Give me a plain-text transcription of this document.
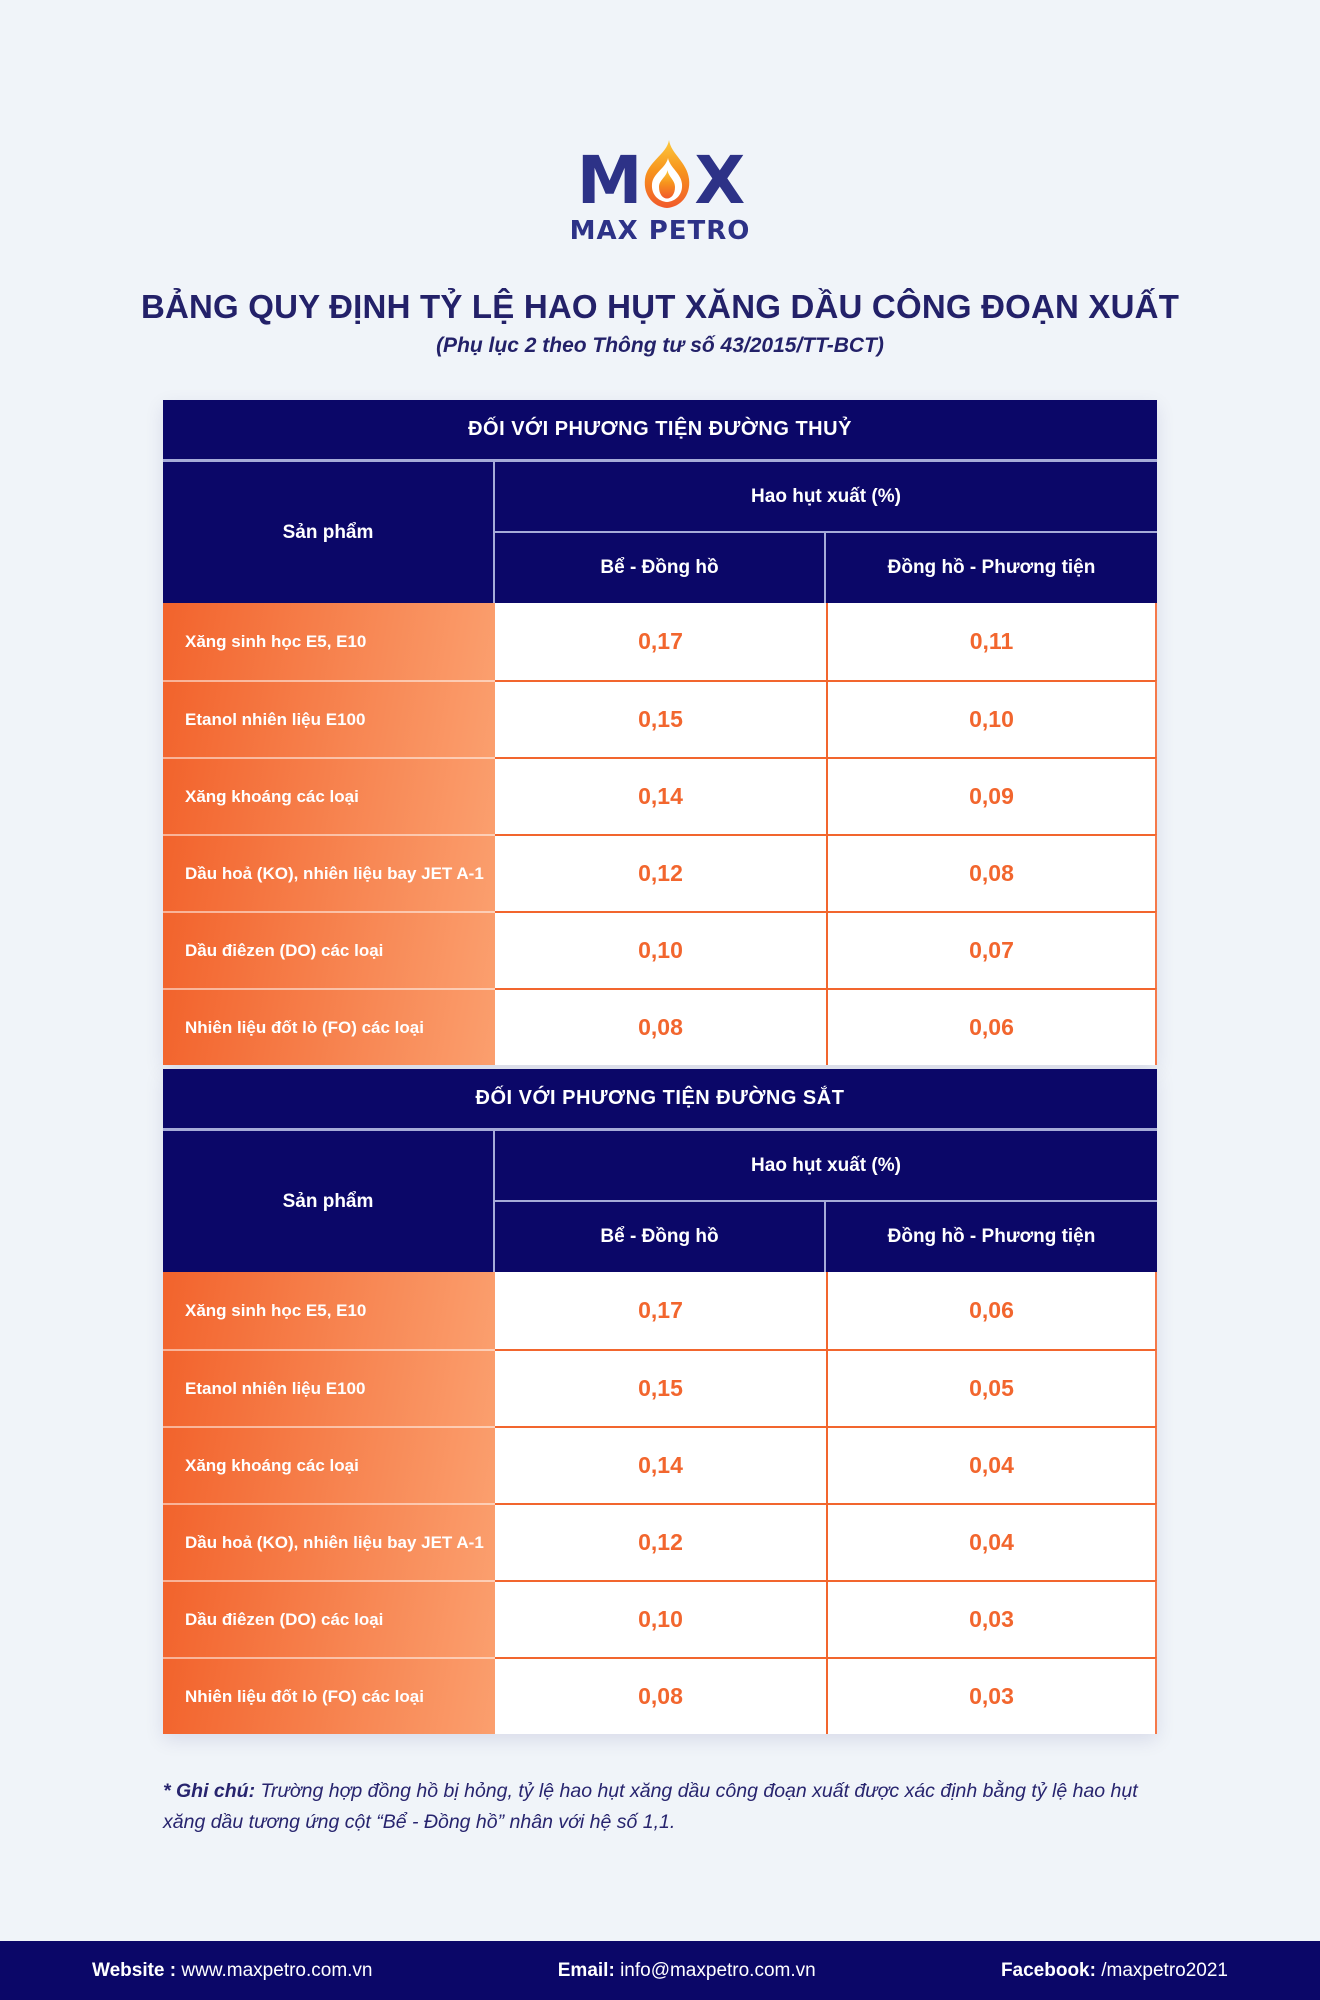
M X
MAX PETRO
BẢNG QUY ĐỊNH TỶ LỆ HAO HỤT XĂNG DẦU CÔNG ĐOẠN XUẤT
(Phụ lục 2 theo Thông tư số 43/2015/TT-BCT)
ĐỐI VỚI PHƯƠNG TIỆN ĐƯỜNG THUỶ
Sản phẩm
Hao hụt xuất (%)
Bể - Đồng hồ	Đồng hồ - Phương tiện
Xăng sinh học E5, E10	0,17	0,11
Etanol nhiên liệu E100	0,15	0,10
Xăng khoáng các loại	0,14	0,09
Dầu hoả (KO), nhiên liệu bay JET A-1	0,12	0,08
Dầu điêzen (DO) các loại	0,10	0,07
Nhiên liệu đốt lò (FO) các loại	0,08	0,06
ĐỐI VỚI PHƯƠNG TIỆN ĐƯỜNG SẮT
Sản phẩm
Hao hụt xuất (%)
Bể - Đồng hồ	Đồng hồ - Phương tiện
Xăng sinh học E5, E10	0,17	0,06
Etanol nhiên liệu E100	0,15	0,05
Xăng khoáng các loại	0,14	0,04
Dầu hoả (KO), nhiên liệu bay JET A-1	0,12	0,04
Dầu điêzen (DO) các loại	0,10	0,03
Nhiên liệu đốt lò (FO) các loại	0,08	0,03
* Ghi chú: Trường hợp đồng hồ bị hỏng, tỷ lệ hao hụt xăng dầu công đoạn xuất được xác định bằng tỷ lệ hao hụt xăng dầu tương ứng cột “Bể - Đồng hồ” nhân với hệ số 1,1.
Website : www.maxpetro.com.vn	Email: info@maxpetro.com.vn	Facebook: /maxpetro2021
